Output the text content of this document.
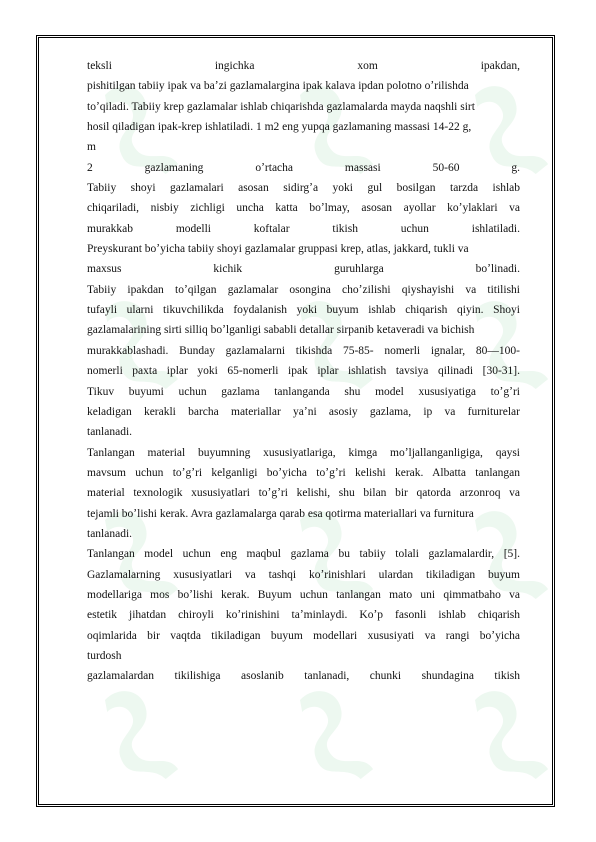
teksli ingichka xom ipakdan,
pishitilgan tabiiy ipak va baʼzi gazlamalargina ipak kalava ipdan polotno oʼrilishda
toʼqiladi. Tabiiy krep gazlamalar ishlab chiqarishda gazlamalarda mayda naqshli sirt
hosil qiladigan ipak-krep ishlatiladi. 1 m2 eng yupqa gazlamaning massasi 14-22 g,
m
2 gazlamaning oʼrtacha massasi 50-60 g.
Tabiiy shoyi gazlamalari asosan sidirgʼa yoki gul bosilgan tarzda ishlab
chiqariladi, nisbiy zichligi uncha katta boʼlmay, asosan ayollar koʼylaklari va
murakkab modelli koftalar tikish uchun ishlatiladi.
Preyskurant boʼyicha tabiiy shoyi gazlamalar gruppasi krep, atlas, jakkard, tukli va
maxsus kichik guruhlarga boʼlinadi.
Tabiiy ipakdan toʼqilgan gazlamalar osongina choʼzilishi qiyshayishi va titilishi
tufayli ularni tikuvchilikda foydalanish yoki buyum ishlab chiqarish qiyin. Shoyi
gazlamalarining sirti silliq boʼlganligi sababli detallar sirpanib ketaveradi va bichish
murakkablashadi. Bunday gazlamalarni tikishda 75-85- nomerli ignalar, 80—100-
nomerli paxta iplar yoki 65-nomerli ipak iplar ishlatish tavsiya qilinadi [30-31].
Tikuv buyumi uchun gazlama tanlanganda shu model xususiyatiga toʼgʼri
keladigan kerakli barcha materiallar yaʼni asosiy gazlama, ip va furniturelar
tanlanadi.
Tanlangan material buyumning xususiyatlariga, kimga moʼljallanganligiga, qaysi
mavsum uchun toʼgʼri kelganligi boʼyicha toʼgʼri kelishi kerak. Albatta tanlangan
material texnologik xususiyatlari toʼgʼri kelishi, shu bilan bir qatorda arzonroq va
tejamli boʼlishi kerak. Avra gazlamalarga qarab esa qotirma materiallari va furnitura
tanlanadi.
Tanlangan model uchun eng maqbul gazlama bu tabiiy tolali gazlamalardir, [5].
Gazlamalarning xususiyatlari va tashqi koʼrinishlari ulardan tikiladigan buyum
modellariga mos boʼlishi kerak. Buyum uchun tanlangan mato uni qimmatbaho va
estetik jihatdan chiroyli koʼrinishini taʼminlaydi. Koʼp fasonli ishlab chiqarish
oqimlarida bir vaqtda tikiladigan buyum modellari xususiyati va rangi boʼyicha
turdosh
gazlamalardan tikilishiga asoslanib tanlanadi, chunki shundagina tikish
